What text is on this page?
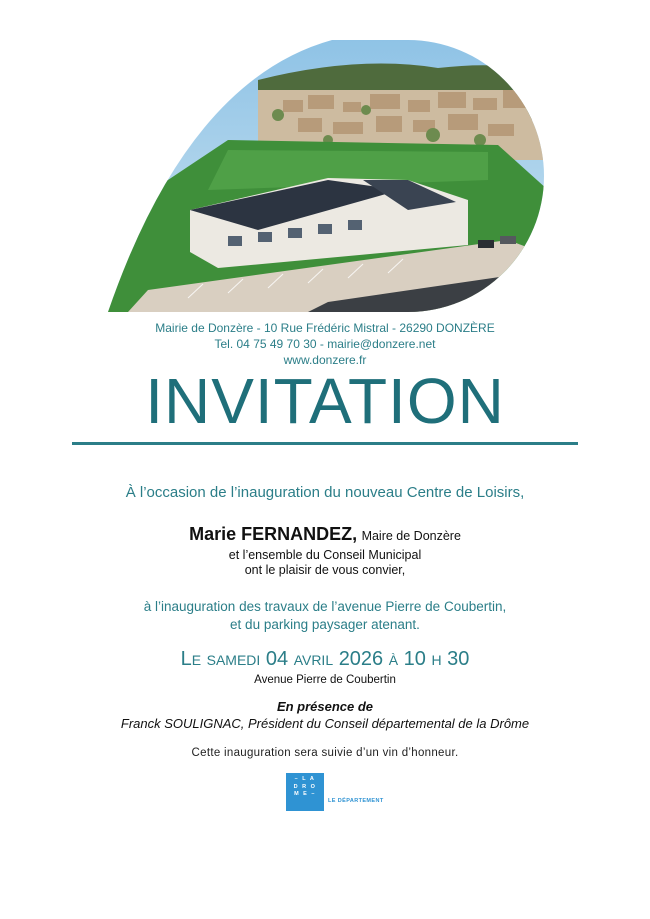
Mairie de Donzère - 10 Rue Frédéric Mistral - 26290 DONZÈRE
Tel. 04 75 49 70 30 - mairie@donzere.net
www.donzere.fr
INVITATION
À l’occasion de l’inauguration du nouveau Centre de Loisirs,
Marie FERNANDEZ, Maire de Donzère
et l’ensemble du Conseil Municipal
ont le plaisir de vous convier,
à l’inauguration des travaux de l’avenue Pierre de Coubertin,
et du parking paysager atenant.
Le samedi 04 avril 2026 à 10 h 30
Avenue Pierre de Coubertin
En présence de
Franck SOULIGNAC, Président du Conseil départemental de la Drôme
Cette inauguration sera suivie d’un vin d’honneur.
– L A
D R O
M E –
LE DÉPARTEMENT
